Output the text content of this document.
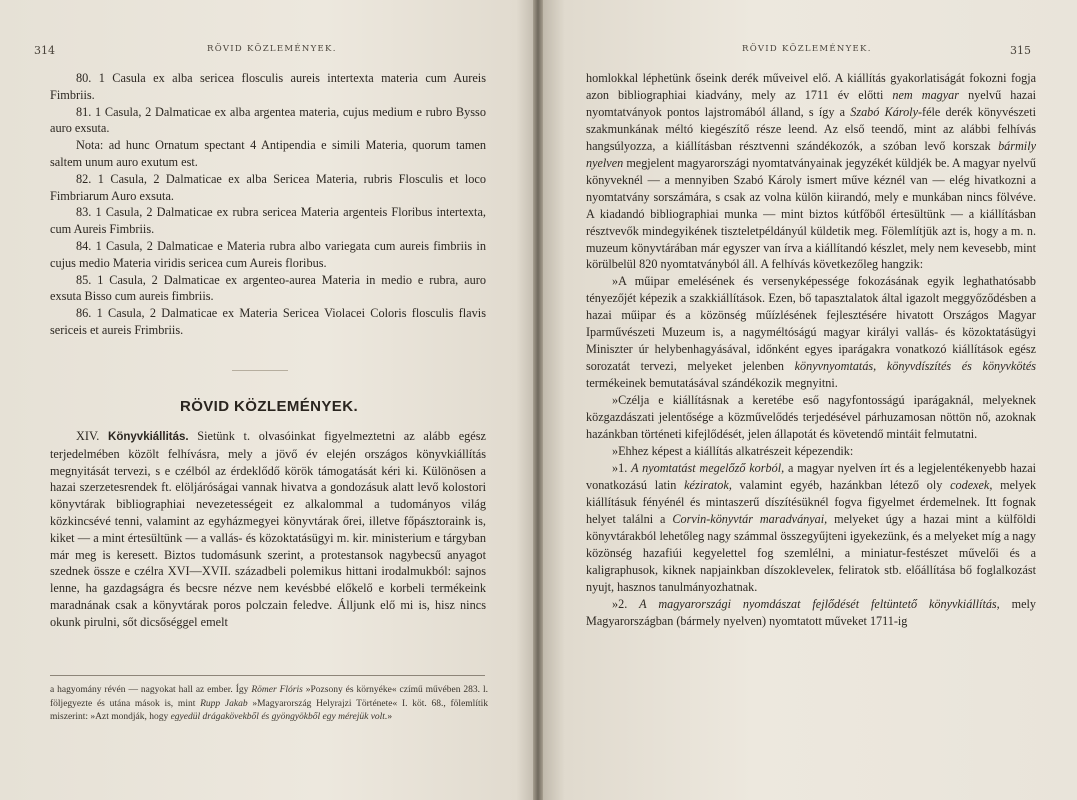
314	RÖVID KÖZLEMÉNYEK.

80. 1 Casula ex alba sericea flosculis aureis intertexta materia cum Aureis Fimbriis.

81. 1 Casula, 2 Dalmaticae ex alba argentea materia, cujus medium e rubro Bysso auro exsuta.

Nota: ad hunc Ornatum spectant 4 Antipendia e simili Materia, quorum tamen saltem unum auro exutum est.

82. 1 Casula, 2 Dalmaticae ex alba Sericea Materia, rubris Flosculis et loco Fimbriarum Auro exsuta.

83. 1 Casula, 2 Dalmaticae ex rubra sericea Materia argenteis Floribus intertexta, cum Aureis Fimbriis.

84. 1 Casula, 2 Dalmaticae e Materia rubra albo variegata cum aureis fimbriis in cujus medio Materia viridis sericea cum Aureis floribus.

85. 1 Casula, 2 Dalmaticae ex argenteo-aurea Materia in medio e rubra, auro exsuta Bisso cum aureis fimbriis.

86. 1 Casula, 2 Dalmaticae ex Materia Sericea Violacei Coloris flosculis flavis sericeis et aureis Frimbriis.

RÖVID KÖZLEMÉNYEK.

XIV. Könyvkiállitás. Sietünk t. olvasóinkat figyelmeztetni az alább egész terjedelmében közölt felhívásra, mely a jövő év elején országos könyvkiállítás megnyitását tervezi, s e czélból az érdeklődő körök támogatását kéri ki. Különösen a hazai szerzetesrendek ft. elöljáróságai vannak hivatva a gondozásuk alatt levő kolostori könyvtárak bibliographiai nevezetességeit ez alkalommal a tudományos világ közkincsévé tenni, valamint az egyházmegyei könyvtárak őrei, illetve főpásztoraink is, kiket — a mint értesültünk — a vallás- és közoktatásügyi m. kir. ministerium e tárgyban már meg is keresett. Biztos tudomásunk szerint, a protestansok nagybecsű anyagot szednek össze e czélra XVI—XVII. századbeli polemikus hittani irodalmukból: sajnos lenne, ha gazdagságra és becsre nézve nem kevésbbé előkelő e korbeli termékeink maradnának csak a könyvtárak poros polczain feledve. Álljunk elő mi is, hisz nincs okunk pirulni, sőt dicsőséggel emelt

a hagyomány révén — nagyokat hall az ember. Így Römer Flóris »Pozsony és környéke« czímű művében 283. l. följegyezte és utána mások is, mint Rupp Jakab »Magyarország Helyrajzi Története« I. köt. 68., fölemlítik miszerint: »Azt mondják, hogy egyedül drágakövekből és gyöngyökből egy mérejük volt.»
RÖVID KÖZLEMÉNYEK.	315

homlokkal léphetünk őseink derék műveivel elő. A kiállítás gyakorlatiságát fokozni fogja azon bibliographiai kiadvány, mely az 1711 év előtti nem magyar nyelvű hazai nyomtatványok pontos lajstromából álland, s így a Szabó Károly-féle derék könyvészeti szakmunkának méltó kiegészítő része leend. Az első teendő, mint az alábbi felhívás hangsúlyozza, a kiállításban résztvenni szándékozók, a szóban levő korszak bármily nyelven megjelent magyarországi nyomtatványainak jegyzékét küldjék be. A magyar nyelvű könyveknél — a mennyiben Szabó Károly ismert műve kéznél van — elég hivatkozni a nyomtatvány sorszámára, s csak az volna külön kiirandó, mely e munkában nincs fölvéve. A kiadandó bibliographiai munka — mint biztos kútfőből értesültünk — a kiállításban résztvevők mindegyikének tiszteletpéldányúl küldetik meg. Fölemlítjük azt is, hogy a m. n. muzeum könyvtárában már egyszer van írva a kiállítandó készlet, mely nem kevesebb, mint körülbelül 820 nyomtatványból áll. A felhívás következőleg hangzik:

»A műipar emelésének és versenyképessége fokozásának egyik leghathatósabb tényezőjét képezik a szakkiállítások. Ezen, bő tapasztalatok által igazolt meggyőződésben a hazai műipar és a közönség műízlésének fejlesztésére hivatott Országos Magyar Iparművészeti Muzeum is, a nagyméltóságú magyar királyi vallás- és közoktatásügyi Miniszter úr helybenhagyásával, időnként egyes iparágakra vonatkozó kiállítások egész sorozatát tervezi, melyeket jelenben könyvnyomtatás, könyvdíszítés és könyvkötés termékeinek bemutatásával szándékozik megnyitni.

»Czélja e kiállításnak a keretébe eső nagyfontosságú iparágaknál, melyeknek közgazdászati jelentősége a közművelődés terjedésével párhuzamosan nöttön nő, azoknak hazánkban történeti kifejlődését, jelen állapotát és követendő mintáit felmutatni.

»Ehhez képest a kiállítás alkatrészeit képezendik:

»1. A nyomtatást megelőző korból, a magyar nyelven írt és a legjelentékenyebb hazai vonatkozású latin kéziratok, valamint egyéb, hazánkban létező oly codexek, melyek kiállításuk fényénél és mintaszerű díszítésüknél fogva figyelmet érdemelnek. Itt fognak helyet találni a Corvin-könyvtár maradványai, melyeket úgy a hazai mint a külföldi könyvtárakból lehetőleg nagy számmal összegyűjteni igyekezünk, és a melyeket míg a nagy közönség hazafiúi kegyelettel fog szemlélni, a miniatur-festészet művelői és a kaligraphusok, kiknek napjainkban díszokleveleк, feliratok stb. előállítása bő foglalkozást nyujt, hasznos tanulmányozhatnak.

»2. A magyarországi nyomdászat fejlődését feltüntető könyvkiállítás, mely Magyarországban (bármely nyelven) nyomtatott műveket 1711-ig
